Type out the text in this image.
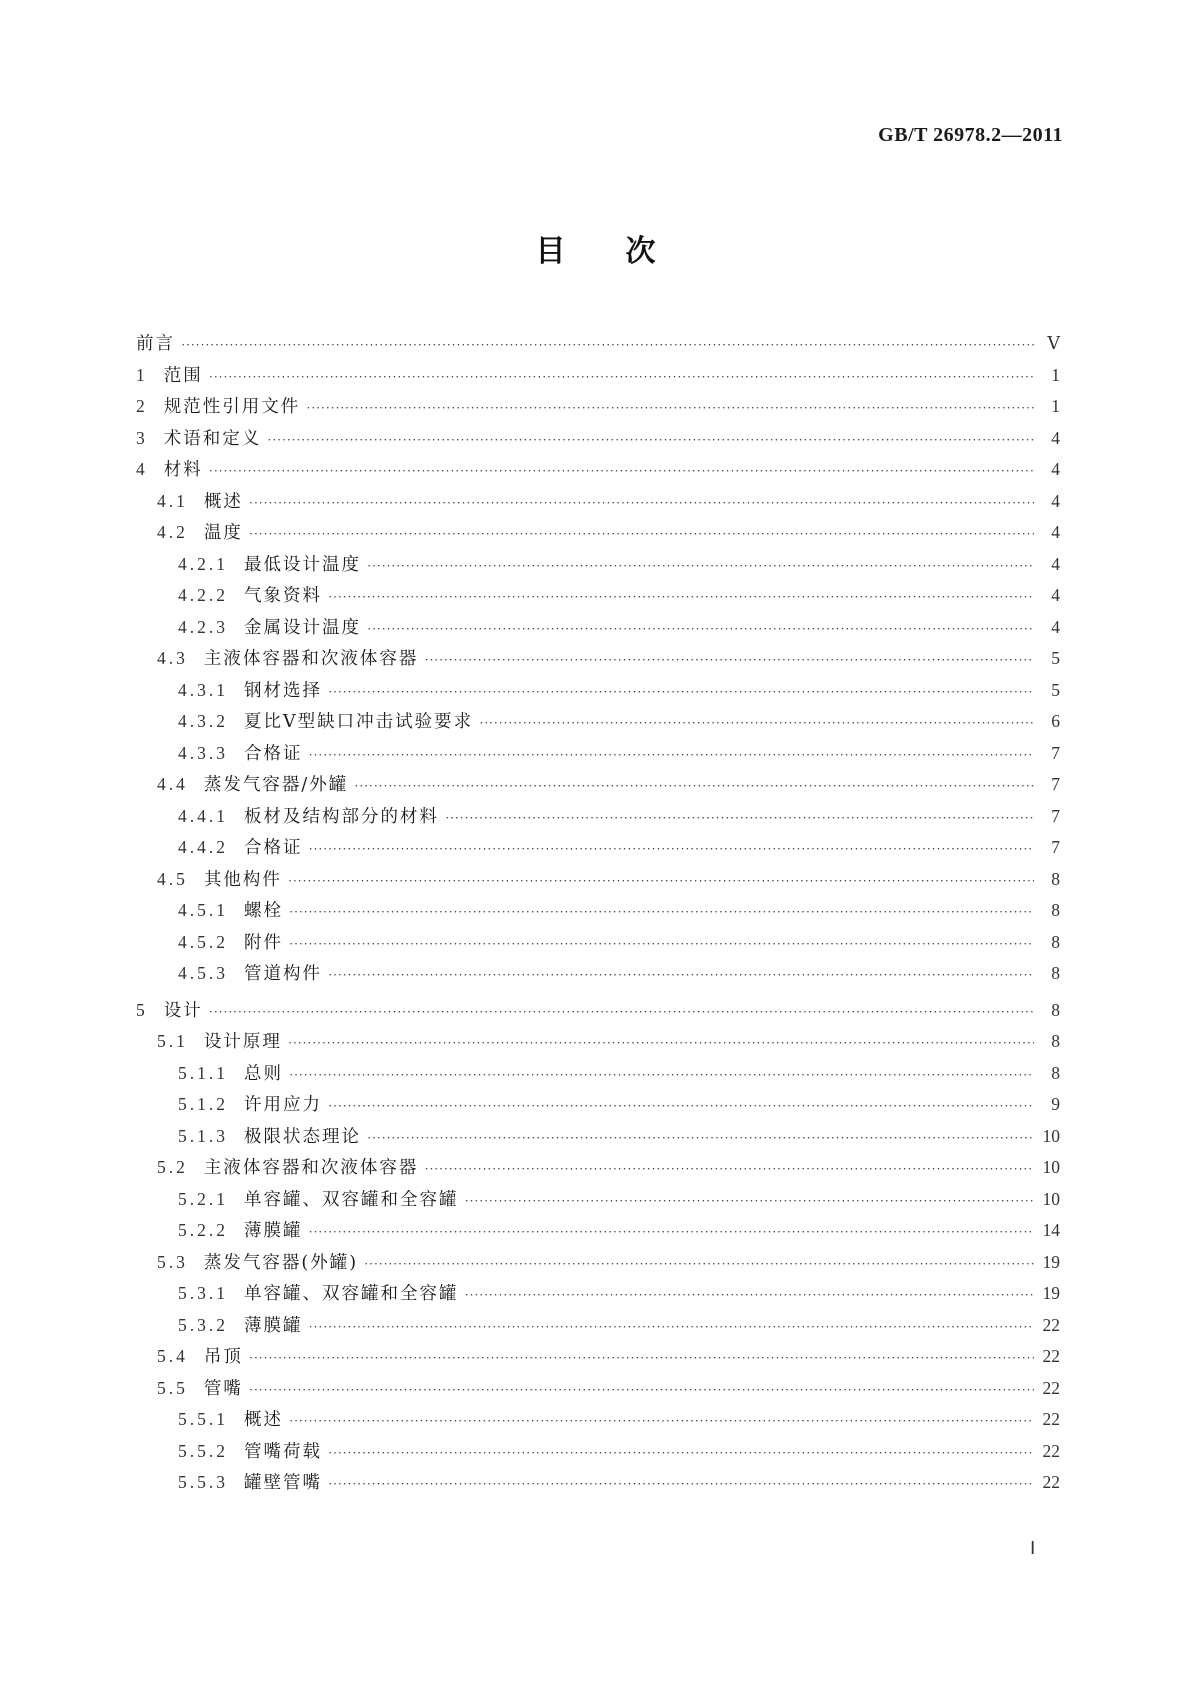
GB/T 26978.2—2011
目次
前言 ·····	Ⅴ
1 范围 ·····	1
2 规范性引用文件 ·····	1
3 术语和定义 ·····	4
4 材料 ·····	4
4.1 概述 ·····	4
4.2 温度 ·····	4
4.2.1 最低设计温度 ·····	4
4.2.2 气象资料 ·····	4
4.2.3 金属设计温度 ·····	4
4.3 主液体容器和次液体容器 ·····	5
4.3.1 钢材选择 ·····	5
4.3.2 夏比Ⅴ型缺口冲击试验要求 ·····	6
4.3.3 合格证 ·····	7
4.4 蒸发气容器/外罐 ·····	7
4.4.1 板材及结构部分的材料 ·····	7
4.4.2 合格证 ·····	7
4.5 其他构件 ·····	8
4.5.1 螺栓 ·····	8
4.5.2 附件 ·····	8
4.5.3 管道构件 ·····	8
5 设计 ·····	8
5.1 设计原理 ·····	8
5.1.1 总则 ·····	8
5.1.2 许用应力 ·····	9
5.1.3 极限状态理论 ·····	10
5.2 主液体容器和次液体容器 ·····	10
5.2.1 单容罐、双容罐和全容罐 ·····	10
5.2.2 薄膜罐 ·····	14
5.3 蒸发气容器(外罐) ·····	19
5.3.1 单容罐、双容罐和全容罐 ·····	19
5.3.2 薄膜罐 ·····	22
5.4 吊顶 ·····	22
5.5 管嘴 ·····	22
5.5.1 概述 ·····	22
5.5.2 管嘴荷载 ·····	22
5.5.3 罐壁管嘴 ·····	22
Ⅰ
